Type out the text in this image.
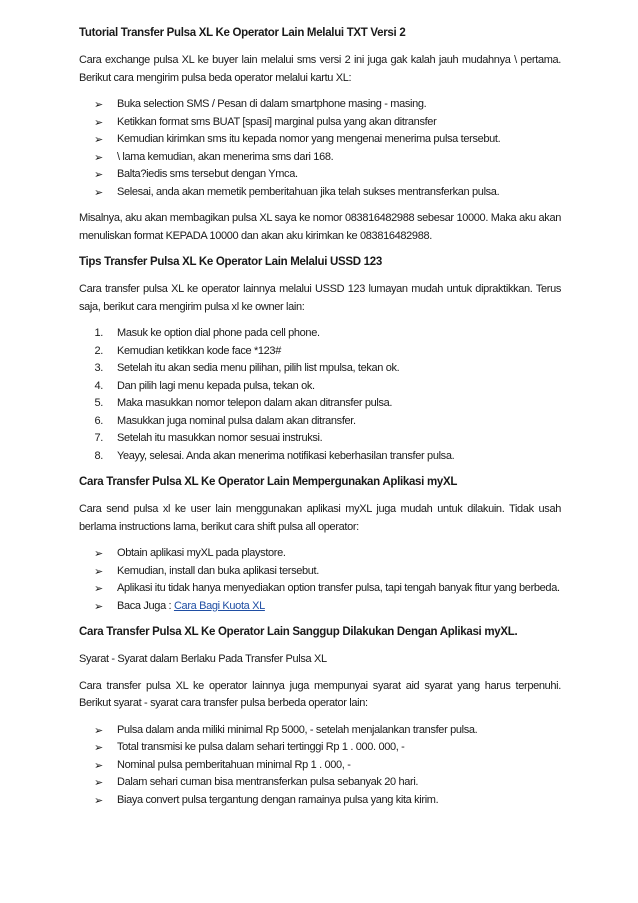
Tutorial Transfer Pulsa XL Ke Operator Lain Melalui TXT Versi 2

Cara exchange pulsa XL ke buyer lain melalui sms versi 2 ini juga gak kalah jauh mudahnya \ pertama. Berikut cara mengirim pulsa beda operator melalui kartu XL:

➢ Buka selection SMS / Pesan di dalam smartphone masing - masing.
➢ Ketikkan format sms BUAT [spasi] marginal pulsa yang akan ditransfer
➢ Kemudian kirimkan sms itu kepada nomor yang mengenai menerima pulsa tersebut.
➢ \ lama kemudian, akan menerima sms dari 168.
➢ Balta?iedis sms tersebut dengan Ymca.
➢ Selesai, anda akan memetik pemberitahuan jika telah sukses mentransferkan pulsa.

Misalnya, aku akan membagikan pulsa XL saya ke nomor 083816482988 sebesar 10000. Maka aku akan menuliskan format KEPADA 10000 dan akan aku kirimkan ke 083816482988.

Tips Transfer Pulsa XL Ke Operator Lain Melalui USSD 123

Cara transfer pulsa XL ke operator lainnya melalui USSD 123 lumayan mudah untuk dipraktikkan. Terus saja, berikut cara mengirim pulsa xl ke owner lain:

1. Masuk ke option dial phone pada cell phone.
2. Kemudian ketikkan kode face *123#
3. Setelah itu akan sedia menu pilihan, pilih list mpulsa, tekan ok.
4. Dan pilih lagi menu kepada pulsa, tekan ok.
5. Maka masukkan nomor telepon dalam akan ditransfer pulsa.
6. Masukkan juga nominal pulsa dalam akan ditransfer.
7. Setelah itu masukkan nomor sesuai instruksi.
8. Yeayy, selesai. Anda akan menerima notifikasi keberhasilan transfer pulsa.
Cara Transfer Pulsa XL Ke Operator Lain Mempergunakan Aplikasi myXL

Cara send pulsa xl ke user lain menggunakan aplikasi myXL juga mudah untuk dilakuin. Tidak usah berlama instructions lama, berikut cara shift pulsa all operator:

➢ Obtain aplikasi myXL pada playstore.
➢ Kemudian, install dan buka aplikasi tersebut.
➢ Aplikasi itu tidak hanya menyediakan option transfer pulsa, tapi tengah banyak fitur yang berbeda.
➢ Baca Juga : Cara Bagi Kuota XL
Cara Transfer Pulsa XL Ke Operator Lain Sanggup Dilakukan Dengan Aplikasi myXL.

Syarat - Syarat dalam Berlaku Pada Transfer Pulsa XL

Cara transfer pulsa XL ke operator lainnya juga mempunyai syarat aid syarat yang harus terpenuhi. Berikut syarat - syarat cara transfer pulsa berbeda operator lain:

➢ Pulsa dalam anda miliki minimal Rp 5000, - setelah menjalankan transfer pulsa.
➢ Total transmisi ke pulsa dalam sehari tertinggi Rp 1 . 000. 000, -
➢ Nominal pulsa pemberitahuan minimal Rp 1 . 000, -
➢ Dalam sehari cuman bisa mentransferkan pulsa sebanyak 20 hari.
➢ Biaya convert pulsa tergantung dengan ramainya pulsa yang kita kirim.
